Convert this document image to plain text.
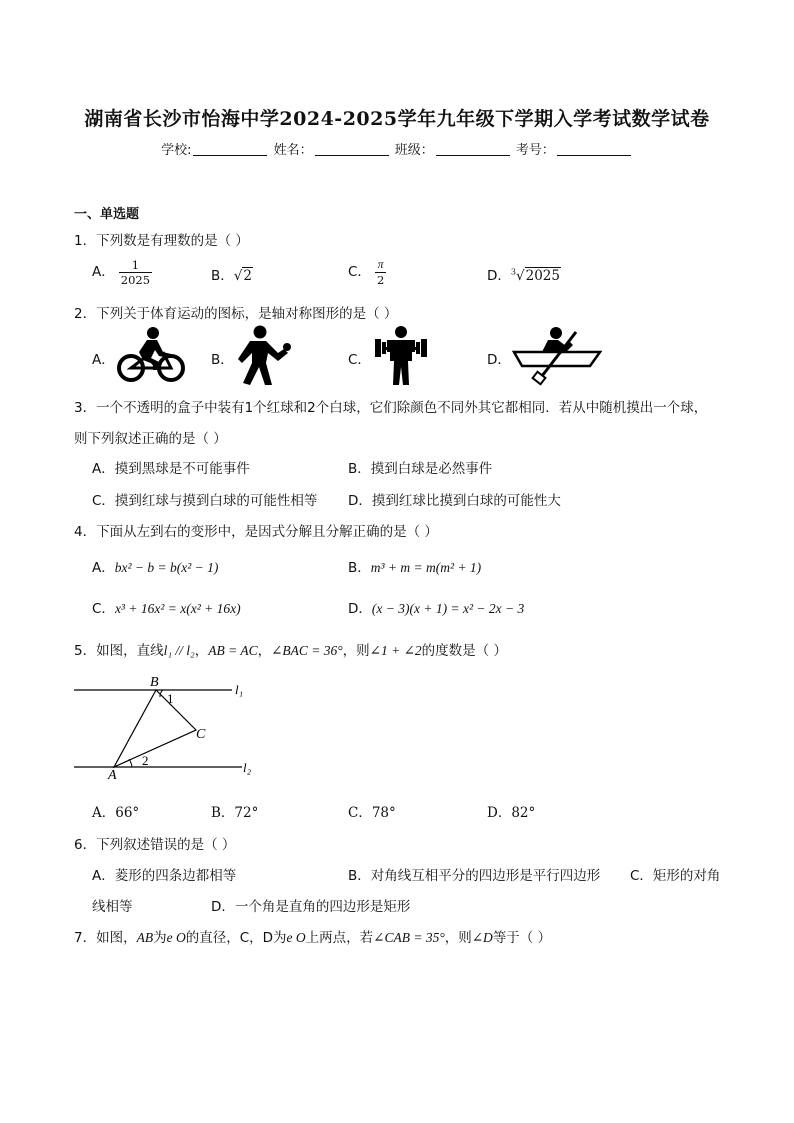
湖南省长沙市怡海中学2024-2025学年九年级下学期入学考试数学试卷
学校:	姓名：	班级：	考号：
一、单选题
1．下列数是有理数的是（ ）
A． $\frac{1}{2025}$	B．√2	C． $\frac{\pi}{2}$	D．$^3$√2025
2．下列关于体育运动的图标，是轴对称图形的是（ ）
A．	B．	C．	D．
3．一个不透明的盒子中装有1个红球和2个白球，它们除颜色不同外其它都相同．若从中随机摸出一个球，
则下列叙述正确的是（ ）
A．摸到黑球是不可能事件	B．摸到白球是必然事件
C．摸到红球与摸到白球的可能性相等 D．摸到红球比摸到白球的可能性大
4．下面从左到右的变形中，是因式分解且分解正确的是（ ）
A．bx² − b = b(x² − 1)	B．m³ + m = m(m² + 1)
C．x³ + 16x² = x(x² + 16x)	D．(x − 3)(x + 1) = x² − 2x − 3
5．如图，直线l₁ // l₂，AB = AC，∠BAC = 36°，则∠1 + ∠2的度数是（ ）
B
1
C
A
2
l₁
l₂
A．66°	B．72°	C．78°	D．82°
6．下列叙述错误的是（ ）
A．菱形的四条边都相等	B．对角线互相平分的四边形是平行四边形 C．矩形的对角
线相等	D．一个角是直角的四边形是矩形
7．如图，AB为e O的直径，C，D为e O上两点，若∠CAB = 35°，则∠D等于（ ）
